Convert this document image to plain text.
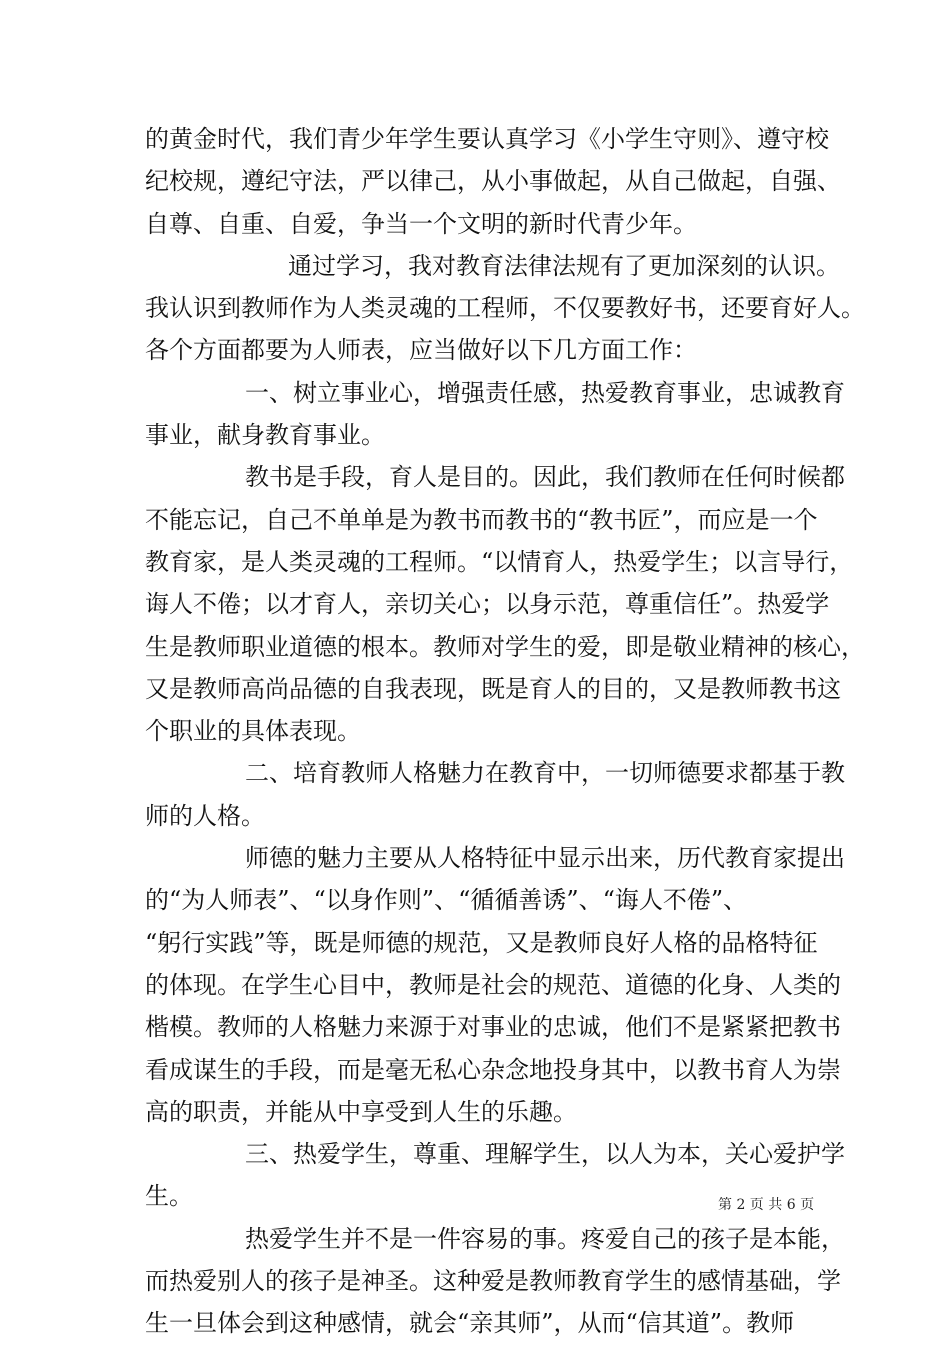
的黄金时代，我们青少年学生要认真学习《小学生守则》、遵守校
纪校规，遵纪守法，严以律己，从小事做起，从自己做起，自强、
自尊、自重、自爱，争当一个文明的新时代青少年。
通过学习，我对教育法律法规有了更加深刻的认识。
我认识到教师作为人类灵魂的工程师，不仅要教好书，还要育好人。
各个方面都要为人师表，应当做好以下几方面工作：
一、树立事业心，增强责任感，热爱教育事业，忠诚教育
事业，献身教育事业。
教书是手段，育人是目的。因此，我们教师在任何时候都
不能忘记，自己不单单是为教书而教书的“教书匠”，而应是一个
教育家，是人类灵魂的工程师。“以情育人，热爱学生；以言导行，
诲人不倦；以才育人，亲切关心；以身示范，尊重信任”。热爱学
生是教师职业道德的根本。教师对学生的爱，即是敬业精神的核心，
又是教师高尚品德的自我表现，既是育人的目的，又是教师教书这
个职业的具体表现。
二、培育教师人格魅力在教育中，一切师德要求都基于教
师的人格。
师德的魅力主要从人格特征中显示出来，历代教育家提出
的“为人师表”、“以身作则”、“循循善诱”、“诲人不倦”、
“躬行实践”等，既是师德的规范，又是教师良好人格的品格特征
的体现。在学生心目中，教师是社会的规范、道德的化身、人类的
楷模。教师的人格魅力来源于对事业的忠诚，他们不是紧紧把教书
看成谋生的手段，而是毫无私心杂念地投身其中，以教书育人为崇
高的职责，并能从中享受到人生的乐趣。
三、热爱学生，尊重、理解学生，以人为本，关心爱护学
生。
热爱学生并不是一件容易的事。疼爱自己的孩子是本能，
而热爱别人的孩子是神圣。这种爱是教师教育学生的感情基础，学
生一旦体会到这种感情，就会“亲其师”，从而“信其道”。教师
第 2 页 共 6 页
